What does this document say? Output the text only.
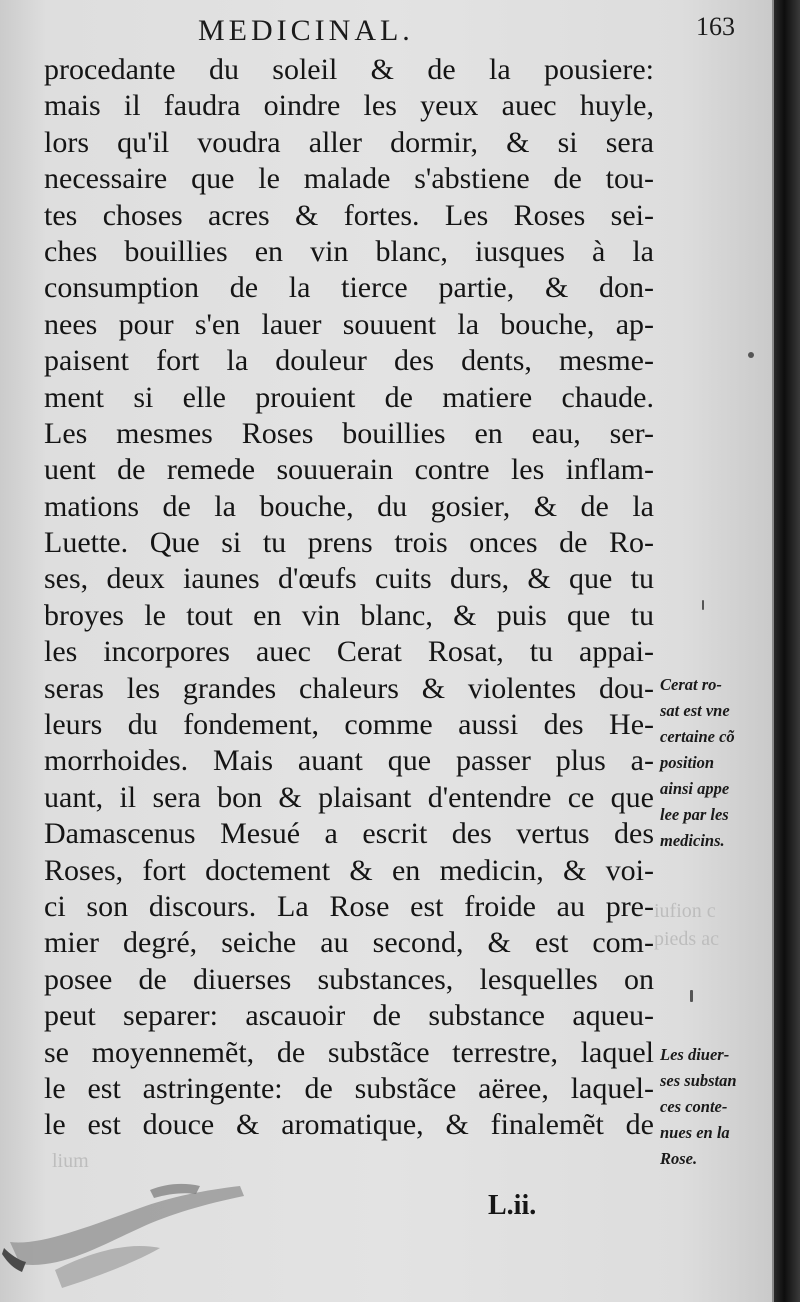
iufion c
pieds ac
lium
MEDICINAL.	163
procedante du soleil & de la pousiere:
mais il faudra oindre les yeux auec huyle,
lors qu'il voudra aller dormir, & si sera
necessaire que le malade s'abstiene de tou-
tes choses acres & fortes. Les Roses sei-
ches bouillies en vin blanc, iusques à la
consumption de la tierce partie, & don-
nees pour s'en lauer souuent la bouche, ap-
paisent fort la douleur des dents, mesme-
ment si elle prouient de matiere chaude.
Les mesmes Roses bouillies en eau, ser-
uent de remede souuerain contre les inflam-
mations de la bouche, du gosier, & de la
Luette. Que si tu prens trois onces de Ro-
ses, deux iaunes d'œufs cuits durs, & que tu
broyes le tout en vin blanc, & puis que tu
les incorpores auec Cerat Rosat, tu appai-
seras les grandes chaleurs & violentes dou-
leurs du fondement, comme aussi des He-
morrhoides. Mais auant que passer plus a-
uant, il sera bon & plaisant d'entendre ce que
Damascenus Mesué a escrit des vertus des
Roses, fort doctement & en medicin, & voi-
ci son discours. La Rose est froide au pre-
mier degré, seiche au second, & est com-
posee de diuerses substances, lesquelles on
peut separer: ascauoir de substance aqueu-
se moyennemẽt, de substãce terrestre, laquel
le est astringente: de substãce aëree, laquel-
le est douce & aromatique, & finalemẽt de
Cerat ro-
sat est vne
certaine cõ
position
ainsi appe
lee par les
medicins.
Les diuer-
ses substan
ces conte-
nues en la
Rose.
L.ii.
